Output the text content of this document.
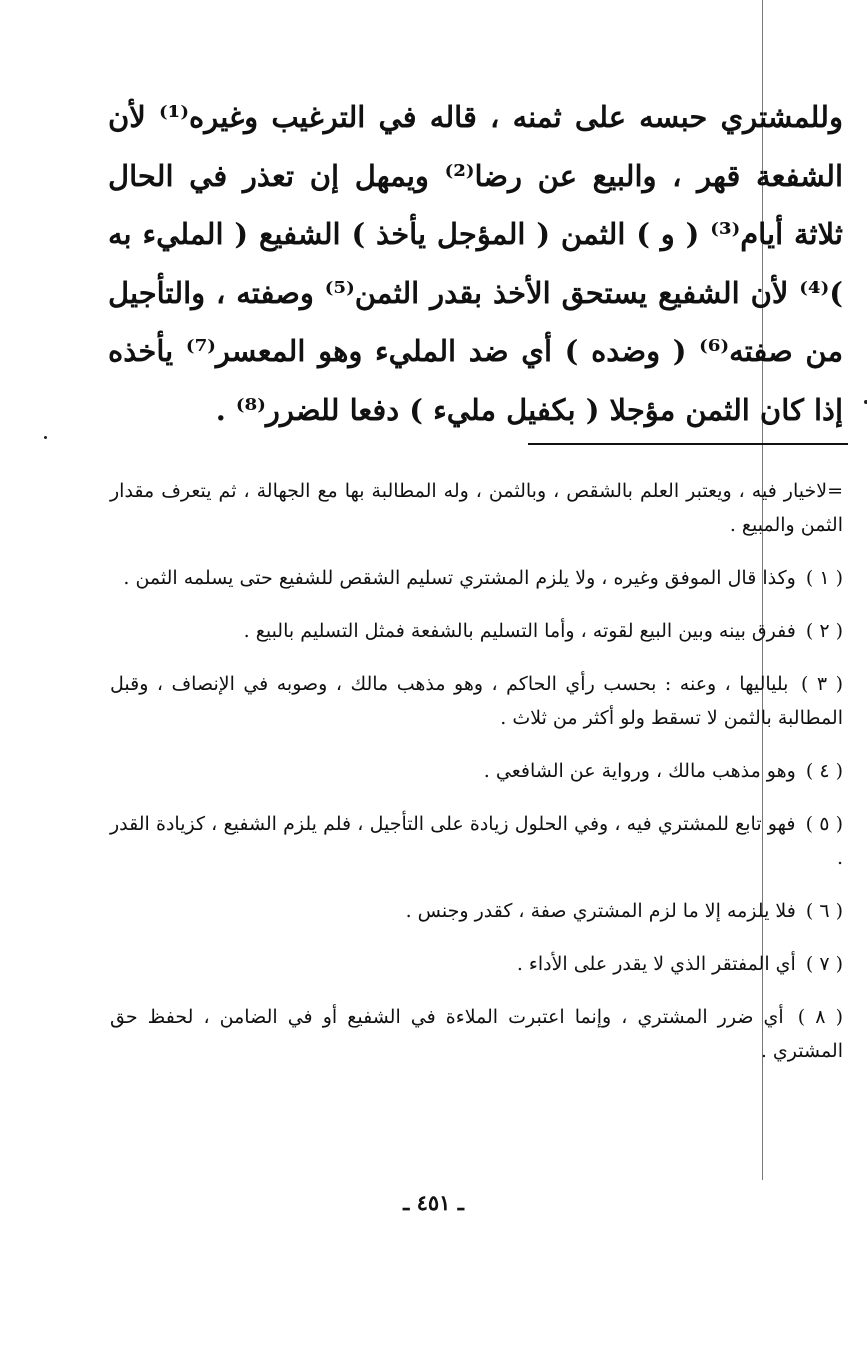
وللمشتري حبسه على ثمنه ، قاله في الترغيب وغيره⁽¹⁾ لأن الشفعة قهر ، والبيع عن رضا⁽²⁾ ويمهل إن تعذر في الحال ثلاثة أيام⁽³⁾ ( و ) الثمن ( المؤجل يأخذ ) الشفيع ( المليء به )⁽⁴⁾ لأن الشفيع يستحق الأخذ بقدر الثمن⁽⁵⁾ وصفته ، والتأجيل من صفته⁽⁶⁾ ( وضده ) أي ضد المليء وهو المعسر⁽⁷⁾ يأخذه إذا كان الثمن مؤجلا ( بكفيل مليء ) دفعا للضرر⁽⁸⁾ .

=لاخيار فيه ، ويعتبر العلم بالشقص ، وبالثمن ، وله المطالبة بها مع الجهالة ، ثم يتعرف مقدار الثمن والمبيع .

( ١ ) وكذا قال الموفق وغيره ، ولا يلزم المشتري تسليم الشقص للشفيع حتى يسلمه الثمن .

( ٢ ) ففرق بينه وبين البيع لقوته ، وأما التسليم بالشفعة فمثل التسليم بالبيع .

( ٣ ) بلياليها ، وعنه : بحسب رأي الحاكم ، وهو مذهب مالك ، وصوبه في الإنصاف ، وقبل المطالبة بالثمن لا تسقط ولو أكثر من ثلاث .

( ٤ ) وهو مذهب مالك ، ورواية عن الشافعي .

( ٥ ) فهو تابع للمشتري فيه ، وفي الحلول زيادة على التأجيل ، فلم يلزم الشفيع ، كزيادة القدر .

( ٦ ) فلا يلزمه إلا ما لزم المشتري صفة ، كقدر وجنس .

( ٧ ) أي المفتقر الذي لا يقدر على الأداء .

( ٨ ) أي ضرر المشتري ، وإنما اعتبرت الملاءة في الشفيع أو في الضامن ، لحفظ حق المشتري .

ـ ٤٥١ ـ
